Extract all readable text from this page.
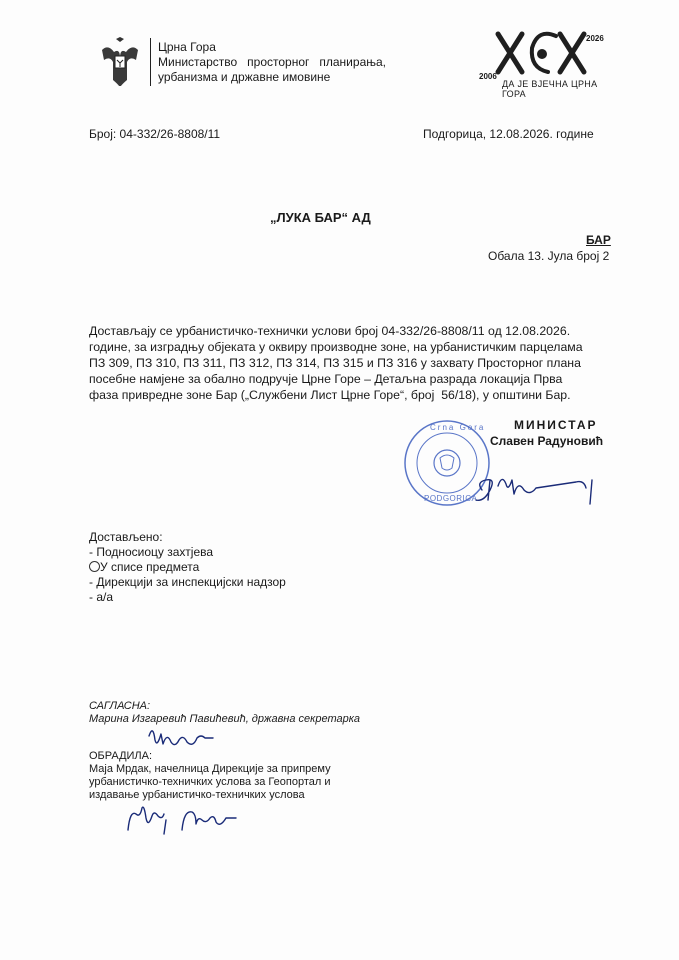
Црна Гора
Министарство   просторног   планирања,
урбанизма и државне имовине	2006
2026
ДА ЈЕ ВЈЕЧНА ЦРНА ГОРА
Број: 04-332/26-8808/11	Подгорица, 12.08.2026. године
„ЛУКА БАР“ АД
БАР
Обала 13. Јула број 2
Достављају се урбанистичко-технички услови број 04-332/26-8808/11 од 12.08.2026.
године, за изградњу објеката у оквиру производне зоне, на урбанистичким парцелама
ПЗ 309, ПЗ 310, ПЗ 311, ПЗ 312, ПЗ 314, ПЗ 315 и ПЗ 316 у захвату Просторног плана
посебне намјене за обално подручје Црне Горе – Детаљна разрада локација Прва
фаза привредне зоне Бар („Службени Лист Црне Горе“, број  56/18), у општини Бар.
Crna Gora
PODGORICA
МИНИСТАР
Славен Радуновић
Достављено:
- Подносиоцу захтјева
У списе предмета
- Дирекцији за инспекцијски надзор
- а/а
САГЛАСНА:
Марина Изгаревић Павићевић, државна секретарка
ОБРАДИЛА:
Маја Мрдак, начелница Дирекције за припрему
урбанистичко-техничких услова за Геопортал и
издавање урбанистичко-техничких услова
